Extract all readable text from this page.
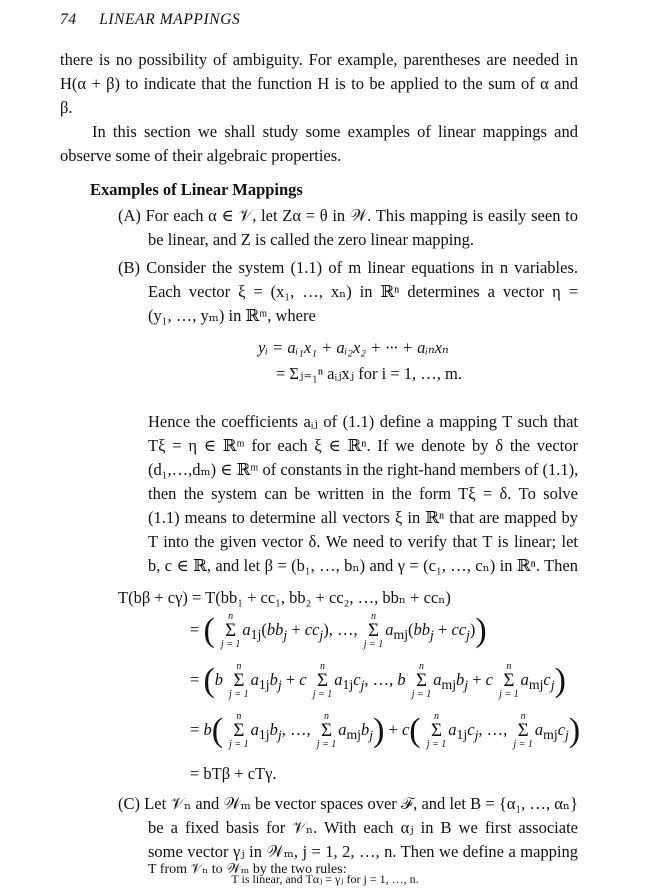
74 LINEAR MAPPINGS
there is no possibility of ambiguity. For example, parentheses are needed in
H(α + β) to indicate that the function H is to be applied to the sum of α and
β.
In this section we shall study some examples of linear mappings and
observe some of their algebraic properties.
Examples of Linear Mappings
(A) For each α ∈ 𝒱, let Zα = θ in 𝒲. This mapping is easily seen to
be linear, and Z is called the zero linear mapping.
(B) Consider the system (1.1) of m linear equations in n variables.
Each vector ξ = (x₁, …, xₙ) in ℝⁿ determines a vector η =
(y₁, …, yₘ) in ℝᵐ, where
yᵢ = aᵢ₁x₁ + aᵢ₂x₂ + ··· + aᵢₙxₙ
= Σⱼ₌₁ⁿ aᵢⱼxⱼ for i = 1, …, m.
Hence the coefficients aᵢⱼ of (1.1) define a mapping T such that
Tξ = η ∈ ℝᵐ for each ξ ∈ ℝⁿ. If we denote by δ the vector
(d₁,…,dₘ) ∈ ℝᵐ of constants in the right-hand members of (1.1),
then the system can be written in the form Tξ = δ. To solve
(1.1) means to determine all vectors ξ in ℝⁿ that are mapped by
T into the given vector δ. We need to verify that T is linear; let
b, c ∈ ℝ, and let β = (b₁, …, bₙ) and γ = (c₁, …, cₙ) in ℝⁿ. Then
T(bβ + cγ) = T(bb₁ + cc₁, bb₂ + cc₂, …, bbₙ + ccₙ)
= (	n
Σ
j = 1
$a_{1j}(bb_j + cc_j)$, …,
n
Σ
j = 1
$a_{mj}(bb_j + cc_j)$)
= (b
n
Σ
j = 1
$a_{1j}b_j + c$
n
Σ
j = 1
$a_{1j}c_j$, …, b
n
Σ
j = 1
$a_{mj}b_j + c$
n
Σ
j = 1
$a_{mj}c_j$)
= b(	n
Σ
j = 1
$a_{1j}b_j$, …,
n
Σ
j = 1
$a_{mj}b_j) + c$(	n
Σ
j = 1
$a_{1j}c_j$, …,
n
Σ
j = 1
$a_{mj}c_j$)
= bTβ + cTγ.
(C) Let 𝒱ₙ and 𝒲ₘ be vector spaces over ℱ, and let B = {α₁, …, αₙ}
be a fixed basis for 𝒱ₙ. With each αⱼ in B we first associate
some vector γⱼ in 𝒲ₘ, j = 1, 2, …, n. Then we define a mapping
T from 𝒱ₙ to 𝒲ₘ by the two rules:
T is linear, and Tαⱼ = γⱼ for j = 1, …, n.
